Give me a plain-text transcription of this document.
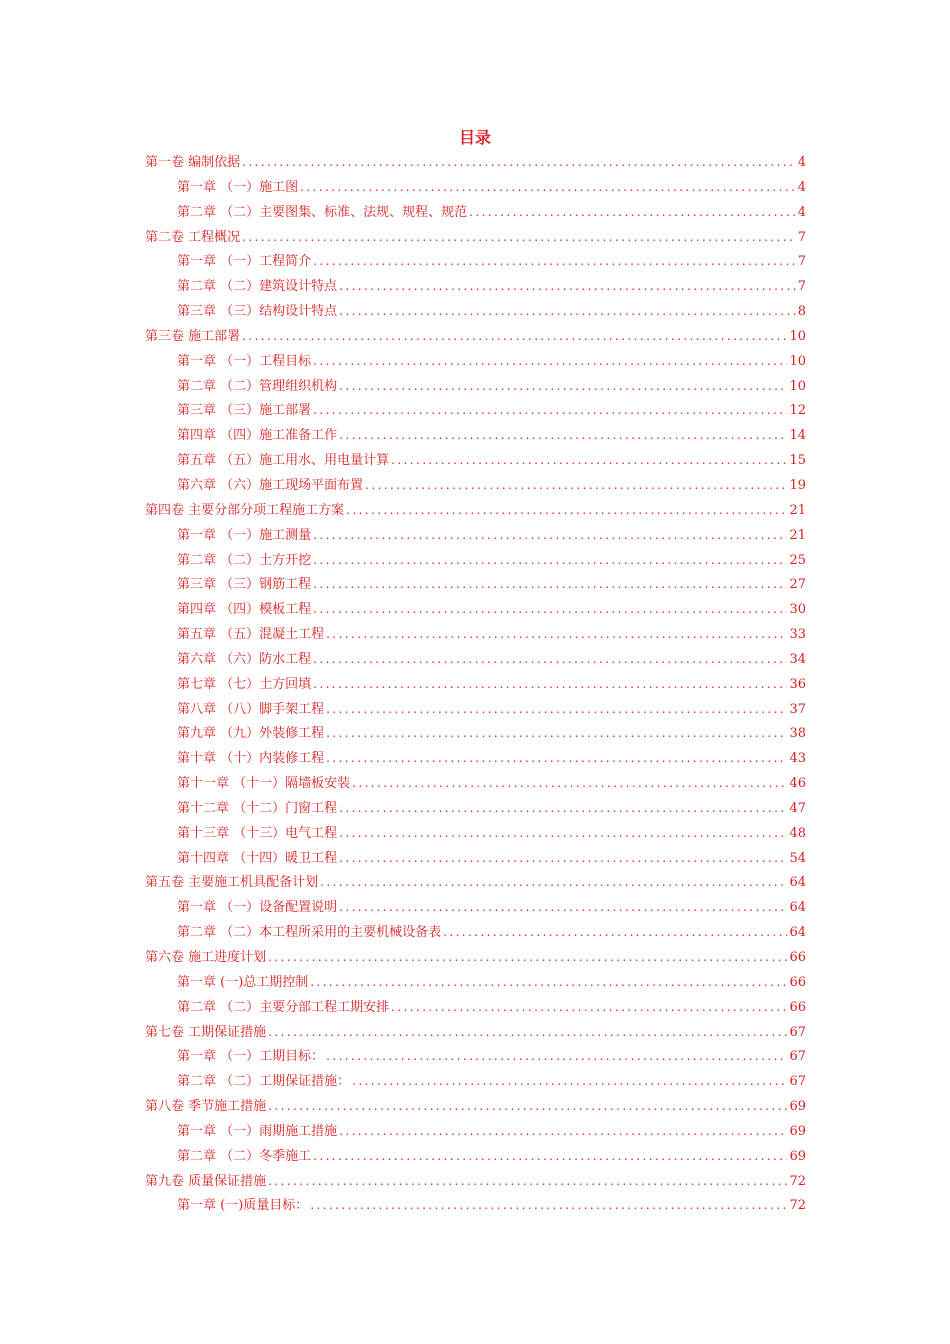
目录
第一卷 编制依据 .....	4
第一章 （一）施工图 .....	4
第二章 （二）主要图集、标准、法规、规程、规范 .....	4
第二卷 工程概况 .....	7
第一章 （一）工程简介 .....	7
第二章 （二）建筑设计特点 .....	7
第三章 （三）结构设计特点 .....	8
第三卷 施工部署 .....	10
第一章 （一）工程目标 .....	10
第二章 （二）管理组织机构 .....	10
第三章 （三）施工部署 .....	12
第四章 （四）施工准备工作 .....	14
第五章 （五）施工用水、用电量计算 .....	15
第六章 （六）施工现场平面布置 .....	19
第四卷 主要分部分项工程施工方案 .....	21
第一章 （一）施工测量 .....	21
第二章 （二）土方开挖 .....	25
第三章 （三）钢筋工程 .....	27
第四章 （四）模板工程 .....	30
第五章 （五）混凝土工程 .....	33
第六章 （六）防水工程 .....	34
第七章 （七）土方回填 .....	36
第八章 （八）脚手架工程 .....	37
第九章 （九）外装修工程 .....	38
第十章 （十）内装修工程 .....	43
第十一章 （十一）隔墙板安装 .....	46
第十二章 （十二）门窗工程 .....	47
第十三章 （十三）电气工程 .....	48
第十四章 （十四）暖卫工程 .....	54
第五卷 主要施工机具配备计划 .....	64
第一章 （一）设备配置说明 .....	64
第二章 （二）本工程所采用的主要机械设备表 .....	64
第六卷 施工进度计划 .....	66
第一章 (一)总工期控制 .....	66
第二章 （二）主要分部工程工期安排 .....	66
第七卷 工期保证措施 .....	67
第一章 （一）工期目标： .....	67
第二章 （二）工期保证措施： .....	67
第八卷 季节施工措施 .....	69
第一章 （一）雨期施工措施 .....	69
第二章 （二）冬季施工 .....	69
第九卷 质量保证措施 .....	72
第一章 (一)质量目标： .....	72
